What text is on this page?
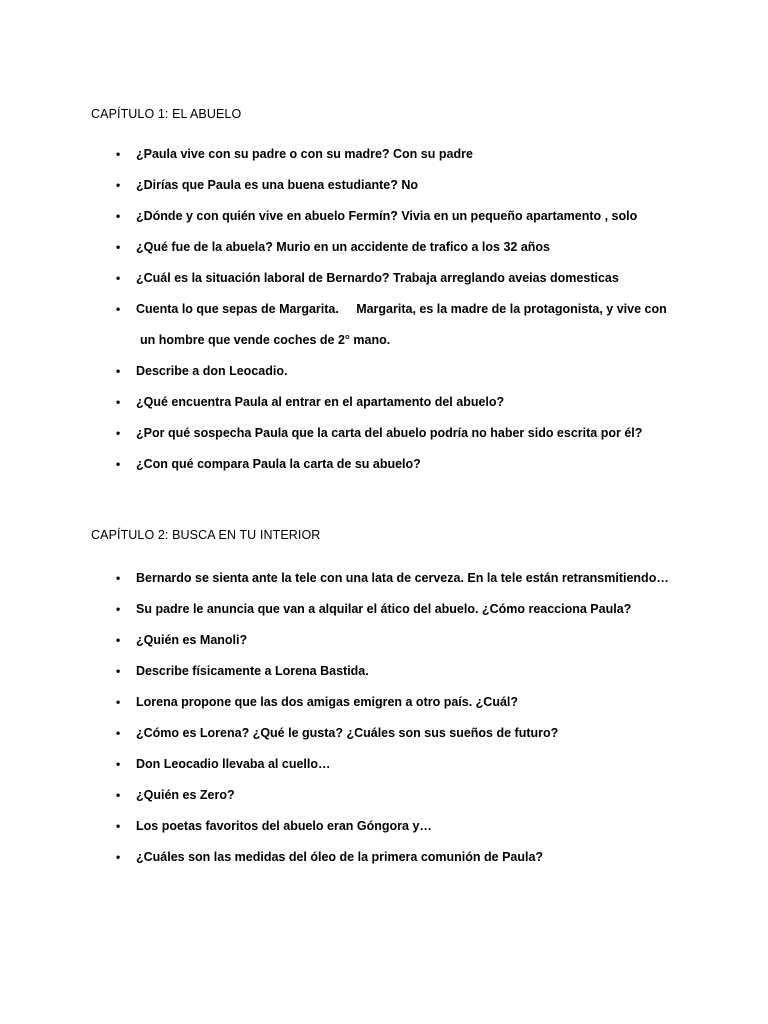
CAPÍTULO 1: EL ABUELO
• ¿Paula vive con su padre o con su madre? Con su padre
• ¿Dirías que Paula es una buena estudiante? No
• ¿Dónde y con quién vive en abuelo Fermín? Vivia en un pequeño apartamento , solo
• ¿Qué fue de la abuela? Murio en un accidente de trafico a los 32 años
• ¿Cuál es la situación laboral de Bernardo? Trabaja arreglando aveias domesticas
• Cuenta lo que sepas de Margarita.     Margarita, es la madre de la protagonista, y vive con
un hombre que vende coches de 2° mano.
• Describe a don Leocadio.
• ¿Qué encuentra Paula al entrar en el apartamento del abuelo?
• ¿Por qué sospecha Paula que la carta del abuelo podría no haber sido escrita por él?
• ¿Con qué compara Paula la carta de su abuelo?
CAPÍTULO 2: BUSCA EN TU INTERIOR
• Bernardo se sienta ante la tele con una lata de cerveza. En la tele están retransmitiendo…
• Su padre le anuncia que van a alquilar el ático del abuelo. ¿Cómo reacciona Paula?
• ¿Quién es Manoli?
• Describe físicamente a Lorena Bastida.
• Lorena propone que las dos amigas emigren a otro país. ¿Cuál?
• ¿Cómo es Lorena? ¿Qué le gusta? ¿Cuáles son sus sueños de futuro?
• Don Leocadio llevaba al cuello…
• ¿Quién es Zero?
• Los poetas favoritos del abuelo eran Góngora y…
• ¿Cuáles son las medidas del óleo de la primera comunión de Paula?
